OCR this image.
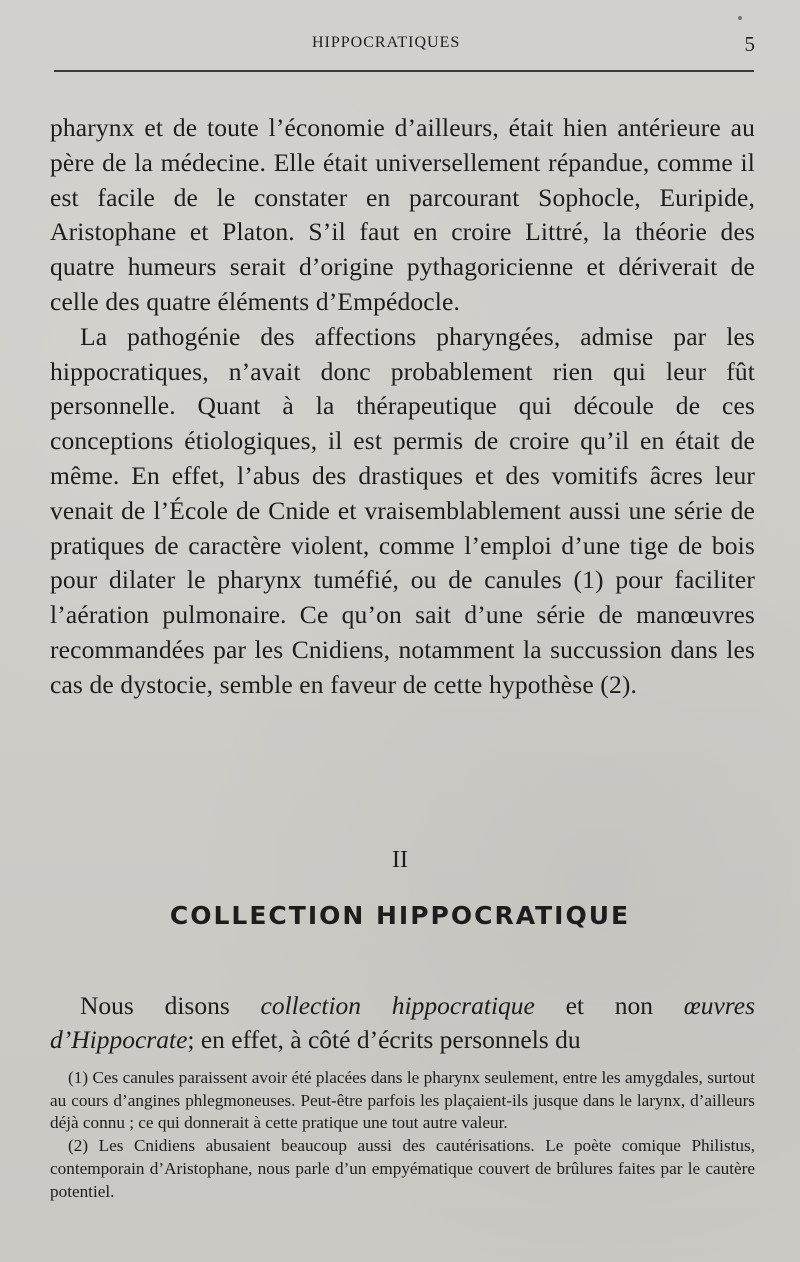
HIPPOCRATIQUES	5

pharynx et de toute l’économie d’ailleurs, était hien antérieure au père de la médecine. Elle était universellement répandue, comme il est facile de le constater en parcourant Sophocle, Euripide, Aristophane et Platon. S’il faut en croire Littré, la théorie des quatre humeurs serait d’origine pythagoricienne et dériverait de celle des quatre éléments d’Empédocle.

La pathogénie des affections pharyngées, admise par les hippocratiques, n’avait donc probablement rien qui leur fût personnelle. Quant à la thérapeutique qui découle de ces conceptions étiologiques, il est permis de croire qu’il en était de même. En effet, l’abus des drastiques et des vomitifs âcres leur venait de l’École de Cnide et vraisemblablement aussi une série de pratiques de caractère violent, comme l’emploi d’une tige de bois pour dilater le pharynx tuméfié, ou de canules (1) pour faciliter l’aération pulmonaire. Ce qu’on sait d’une série de manœuvres recommandées par les Cnidiens, notamment la succussion dans les cas de dystocie, semble en faveur de cette hypothèse (2).

II
COLLECTION HIPPOCRATIQUE

Nous disons collection hippocratique et non œuvres d’Hippocrate; en effet, à côté d’écrits personnels du

(1) Ces canules paraissent avoir été placées dans le pharynx seulement, entre les amygdales, surtout au cours d’angines phlegmoneuses. Peut-être parfois les plaçaient-ils jusque dans le larynx, d’ailleurs déjà connu ; ce qui donnerait à cette pratique une tout autre valeur.

(2) Les Cnidiens abusaient beaucoup aussi des cautérisations. Le poète comique Philistus, contemporain d’Aristophane, nous parle d’un empyématique couvert de brûlures faites par le cautère potentiel.
